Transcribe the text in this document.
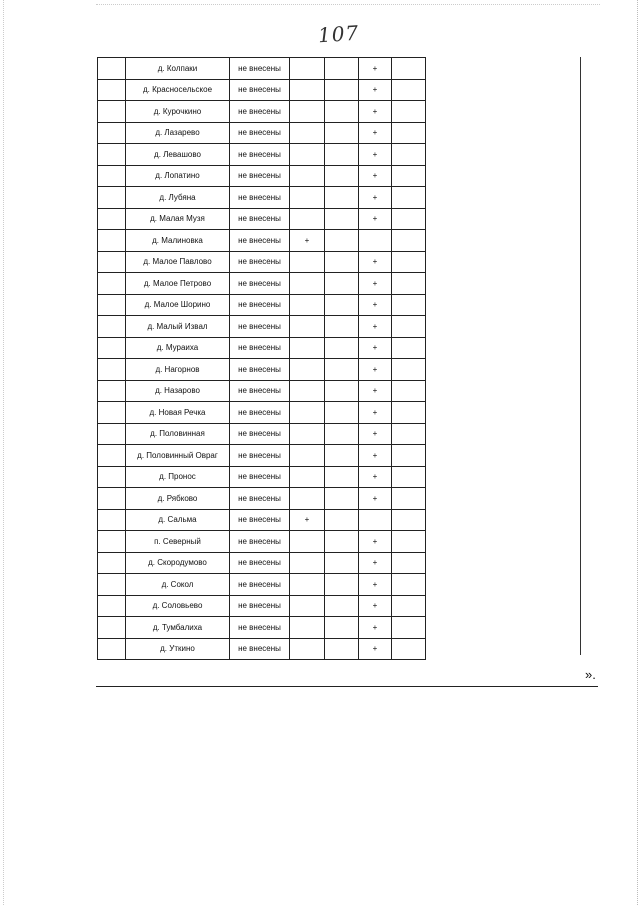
107
	д. Колпаки	не внесены			+	
	д. Красносельское	не внесены			+	
	д. Курочкино	не внесены			+	
	д. Лазарево	не внесены			+	
	д. Левашово	не внесены			+	
	д. Лопатино	не внесены			+	
	д. Лубяна	не внесены			+	
	д. Малая Музя	не внесены			+	
	д. Малиновка	не внесены	+			
	д. Малое Павлово	не внесены			+	
	д. Малое Петрово	не внесены			+	
	д. Малое Шорино	не внесены			+	
	д. Малый Извал	не внесены			+	
	д. Мураиха	не внесены			+	
	д. Нагорнов	не внесены			+	
	д. Назарово	не внесены			+	
	д. Новая Речка	не внесены			+	
	д. Половинная	не внесены			+	
	д. Половинный Овраг	не внесены			+	
	д. Пронос	не внесены			+	
	д. Рябково	не внесены			+	
	д. Сальма	не внесены	+			
	п. Северный	не внесены			+	
	д. Скородумово	не внесены			+	
	д. Сокол	не внесены			+	
	д. Соловьево	не внесены			+	
	д. Тумбалиха	не внесены			+	
	д. Уткино	не внесены			+	
».
